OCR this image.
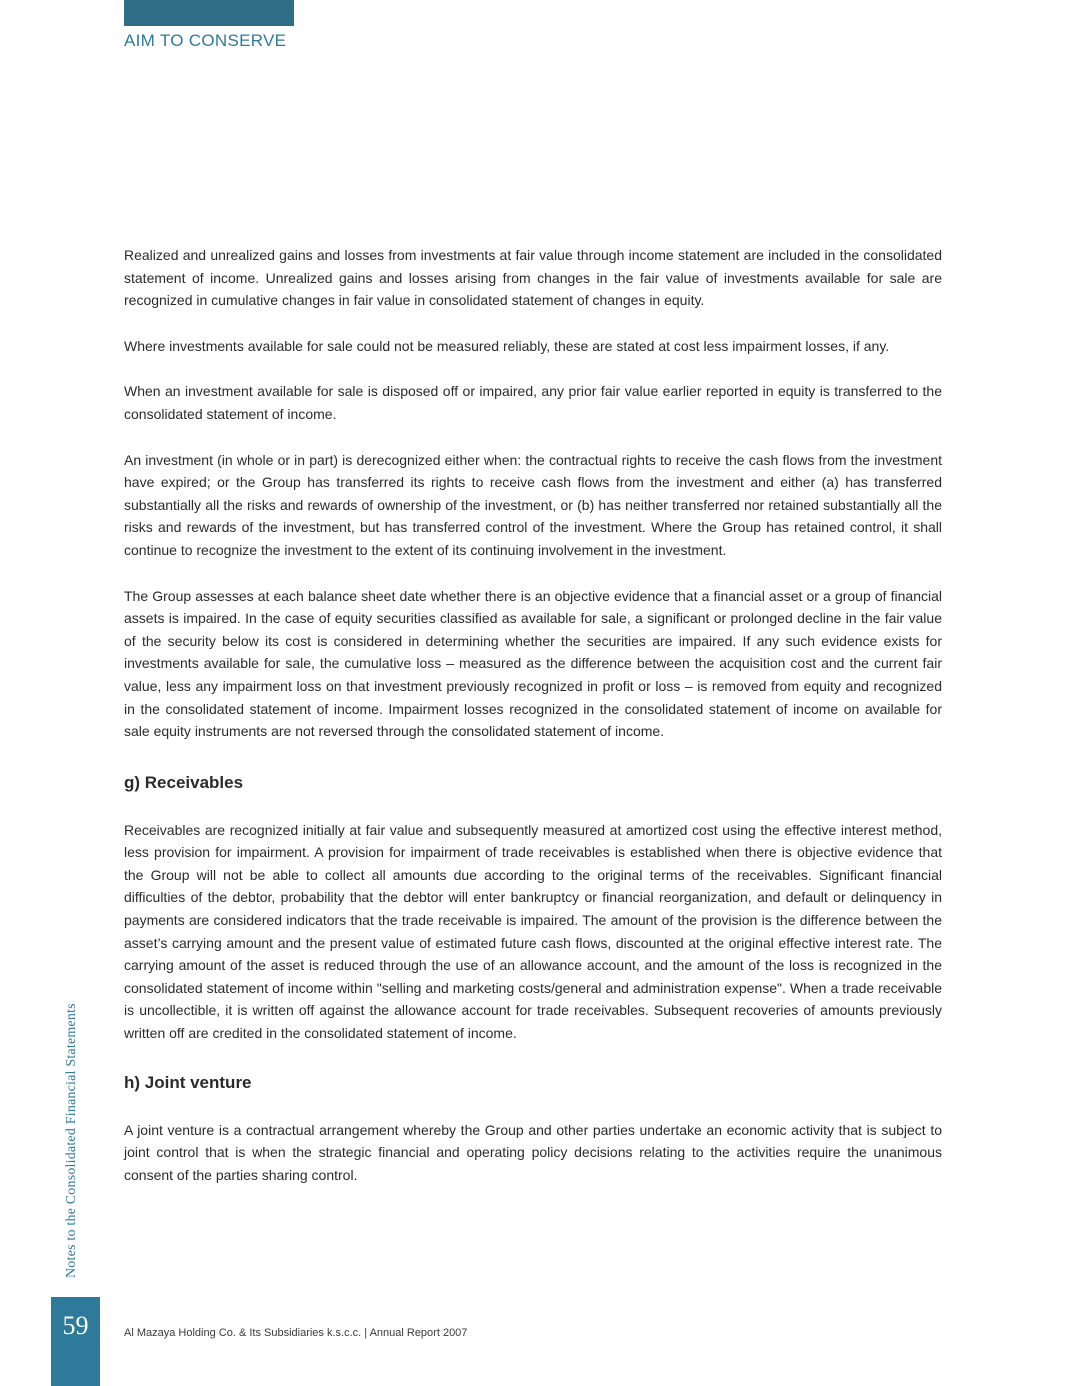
AIM TO CONSERVE

Realized and unrealized gains and losses from investments at fair value through income statement are included in the consolidated statement of income. Unrealized gains and losses arising from changes in the fair value of investments available for sale are recognized in cumulative changes in fair value in consolidated statement of changes in equity.

Where investments available for sale could not be measured reliably, these are stated at cost less impairment losses, if any.

When an investment available for sale is disposed off or impaired, any prior fair value earlier reported in equity is transferred to the consolidated statement of income.

An investment (in whole or in part) is derecognized either when: the contractual rights to receive the cash flows from the investment have expired; or the Group has transferred its rights to receive cash flows from the investment and either (a) has transferred substantially all the risks and rewards of ownership of the investment, or (b) has neither transferred nor retained substantially all the risks and rewards of the investment, but has transferred control of the investment. Where the Group has retained control, it shall continue to recognize the investment to the extent of its continuing involvement in the investment.

The Group assesses at each balance sheet date whether there is an objective evidence that a financial asset or a group of financial assets is impaired. In the case of equity securities classified as available for sale, a significant or prolonged decline in the fair value of the security below its cost is considered in determining whether the securities are impaired. If any such evidence exists for investments available for sale, the cumulative loss – measured as the difference between the acquisition cost and the current fair value, less any impairment loss on that investment previously recognized in profit or loss – is removed from equity and recognized in the consolidated statement of income. Impairment losses recognized in the consolidated statement of income on available for sale equity instruments are not reversed through the consolidated statement of income.

g) Receivables

Receivables are recognized initially at fair value and subsequently measured at amortized cost using the effective interest method, less provision for impairment. A provision for impairment of trade receivables is established when there is objective evidence that the Group will not be able to collect all amounts due according to the original terms of the receivables. Significant financial difficulties of the debtor, probability that the debtor will enter bankruptcy or financial reorganization, and default or delinquency in payments are considered indicators that the trade receivable is impaired. The amount of the provision is the difference between the asset’s carrying amount and the present value of estimated future cash flows, discounted at the original effective interest rate. The carrying amount of the asset is reduced through the use of an allowance account, and the amount of the loss is recognized in the consolidated statement of income within "selling and marketing costs/general and administration expense". When a trade receivable is uncollectible, it is written off against the allowance account for trade receivables. Subsequent recoveries of amounts previously written off are credited in the consolidated statement of income.

h) Joint venture

A joint venture is a contractual arrangement whereby the Group and other parties undertake an economic activity that is subject to joint control that is when the strategic financial and operating policy decisions relating to the activities require the unanimous consent of the parties sharing control.

Notes to the Consolidated Financial Statements
59	Al Mazaya Holding Co. & Its Subsidiaries k.s.c.c. | Annual Report 2007
